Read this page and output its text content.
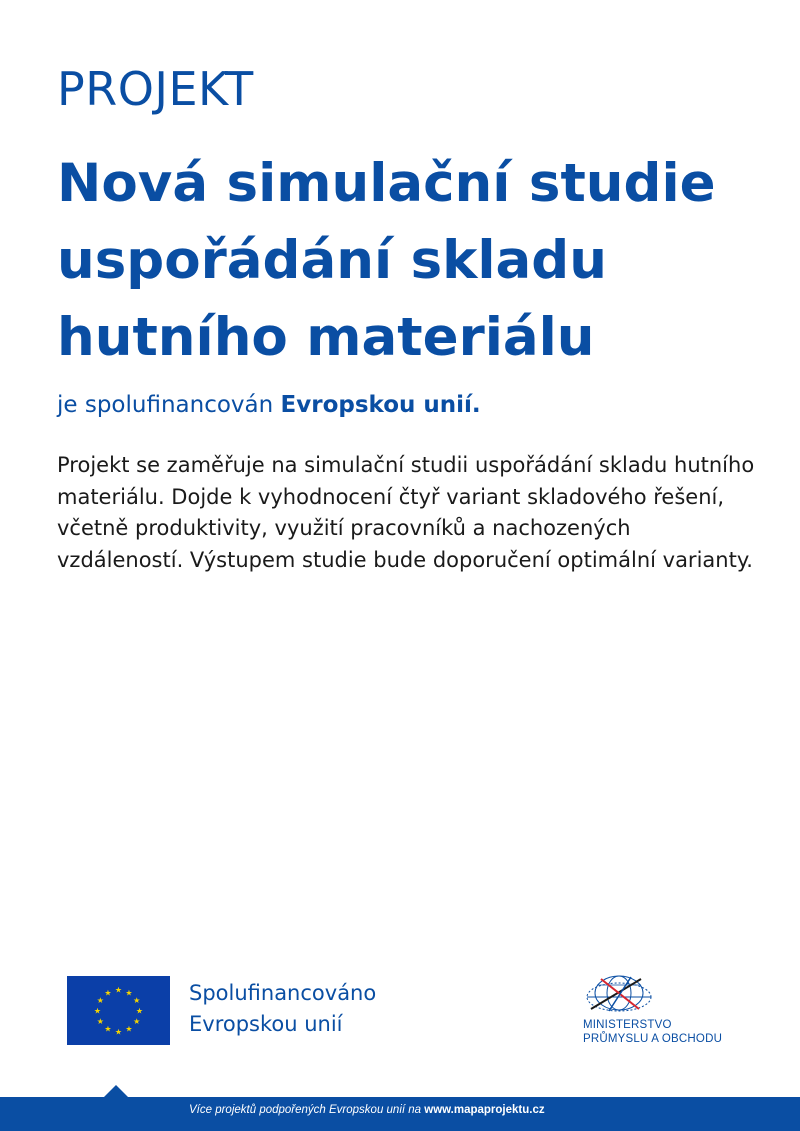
PROJEKT
Nová simulační studie uspořádání skladu hutního materiálu
je spolufinancován Evropskou unií.

Projekt se zaměřuje na simulační studii uspořádání skladu hutního materiálu. Dojde k vyhodnocení čtyř variant skladového řešení, včetně produktivity, využití pracovníků a nachozených vzdáleností. Výstupem studie bude doporučení optimální varianty.

★ ★
★
★
★
★
★
★
★
★
★
★	Spolufinancováno
Evropskou unií	MINISTERSTVO
PRŮMYSLU A OBCHODU
Více projektů podpořených Evropskou unií na www.mapaprojektu.cz
